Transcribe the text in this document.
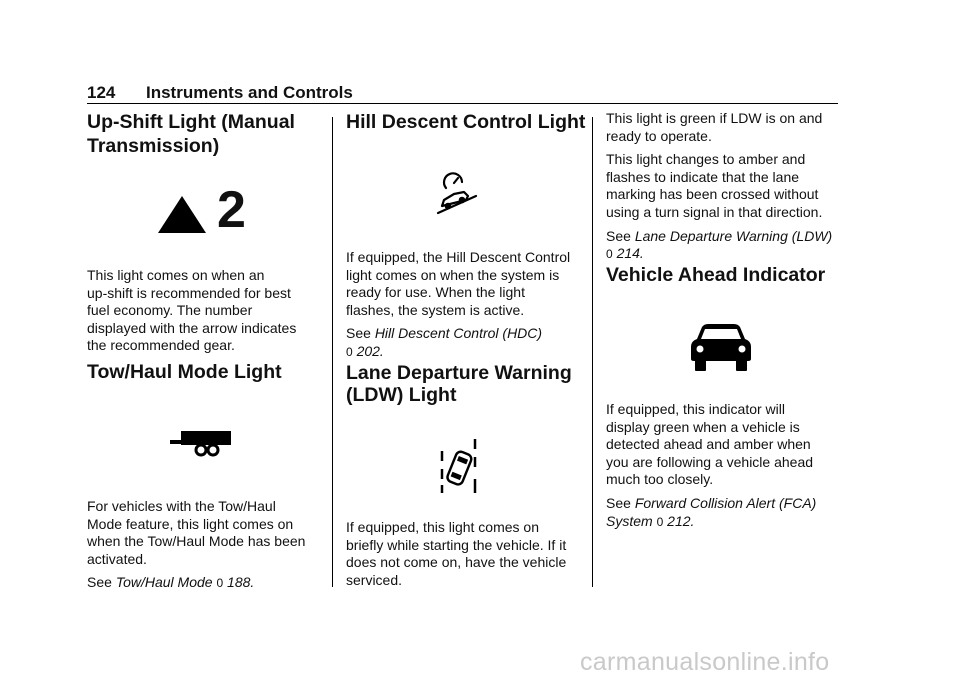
124 Instruments and Controls
Up-Shift Light (Manual
Transmission)
2

This light comes on when an
up-shift is recommended for best
fuel economy. The number
displayed with the arrow indicates
the recommended gear.

Tow/Haul Mode Light

For vehicles with the Tow/Haul
Mode feature, this light comes on
when the Tow/Haul Mode has been
activated.

See Tow/Haul Mode 0 188.

Hill Descent Control Light

If equipped, the Hill Descent Control
light comes on when the system is
ready for use. When the light
flashes, the system is active.

See Hill Descent Control (HDC)

0 202.

Lane Departure Warning
(LDW) Light

If equipped, this light comes on
briefly while starting the vehicle. If it
does not come on, have the vehicle
serviced.

This light is green if LDW is on and
ready to operate.

This light changes to amber and
flashes to indicate that the lane
marking has been crossed without
using a turn signal in that direction.

See Lane Departure Warning (LDW)

0 214.

Vehicle Ahead Indicator

If equipped, this indicator will
display green when a vehicle is
detected ahead and amber when
you are following a vehicle ahead
much too closely.

See Forward Collision Alert (FCA)

System 0 212.

carmanualsonline.info
